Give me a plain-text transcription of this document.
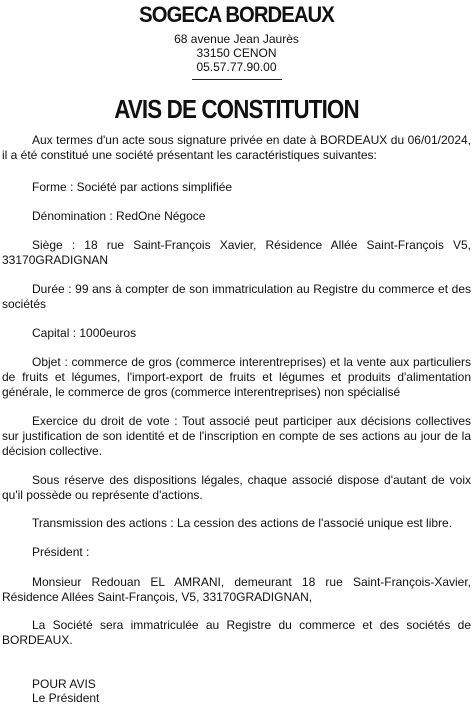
SOGECA BORDEAUX
68 avenue Jean Jaurès
33150 CENON
05.57.77.90.00
AVIS DE CONSTITUTION

Aux termes d'un acte sous signature privée en date à BORDEAUX du 06/01/2024, il a été constitué une société présentant les caractéristiques suivantes:

Forme : Société par actions simplifiée

Dénomination : RedOne Négoce

Siège : 18 rue Saint-François Xavier, Résidence Allée Saint-François V5, 33170GRADIGNAN

Durée : 99 ans à compter de son immatriculation au Registre du commerce et des sociétés

Capital : 1000euros

Objet : commerce de gros (commerce interentreprises) et la vente aux particuliers de fruits et légumes, l'import-export de fruits et légumes et produits d'alimentation générale, le commerce de gros (commerce interentreprises) non spécialisé

Exercice du droit de vote : Tout associé peut participer aux décisions collectives sur justification de son identité et de l'inscription en compte de ses actions au jour de la décision collective.

Sous réserve des dispositions légales, chaque associé dispose d'autant de voix qu'il possède ou représente d'actions.

Transmission des actions : La cession des actions de l'associé unique est libre.

Président :

Monsieur Redouan EL AMRANI, demeurant 18 rue Saint-François-Xavier, Résidence Allées Saint-François, V5, 33170GRADIGNAN,

La Société sera immatriculée au Registre du commerce et des sociétés de BORDEAUX.

POUR AVIS
Le Président
